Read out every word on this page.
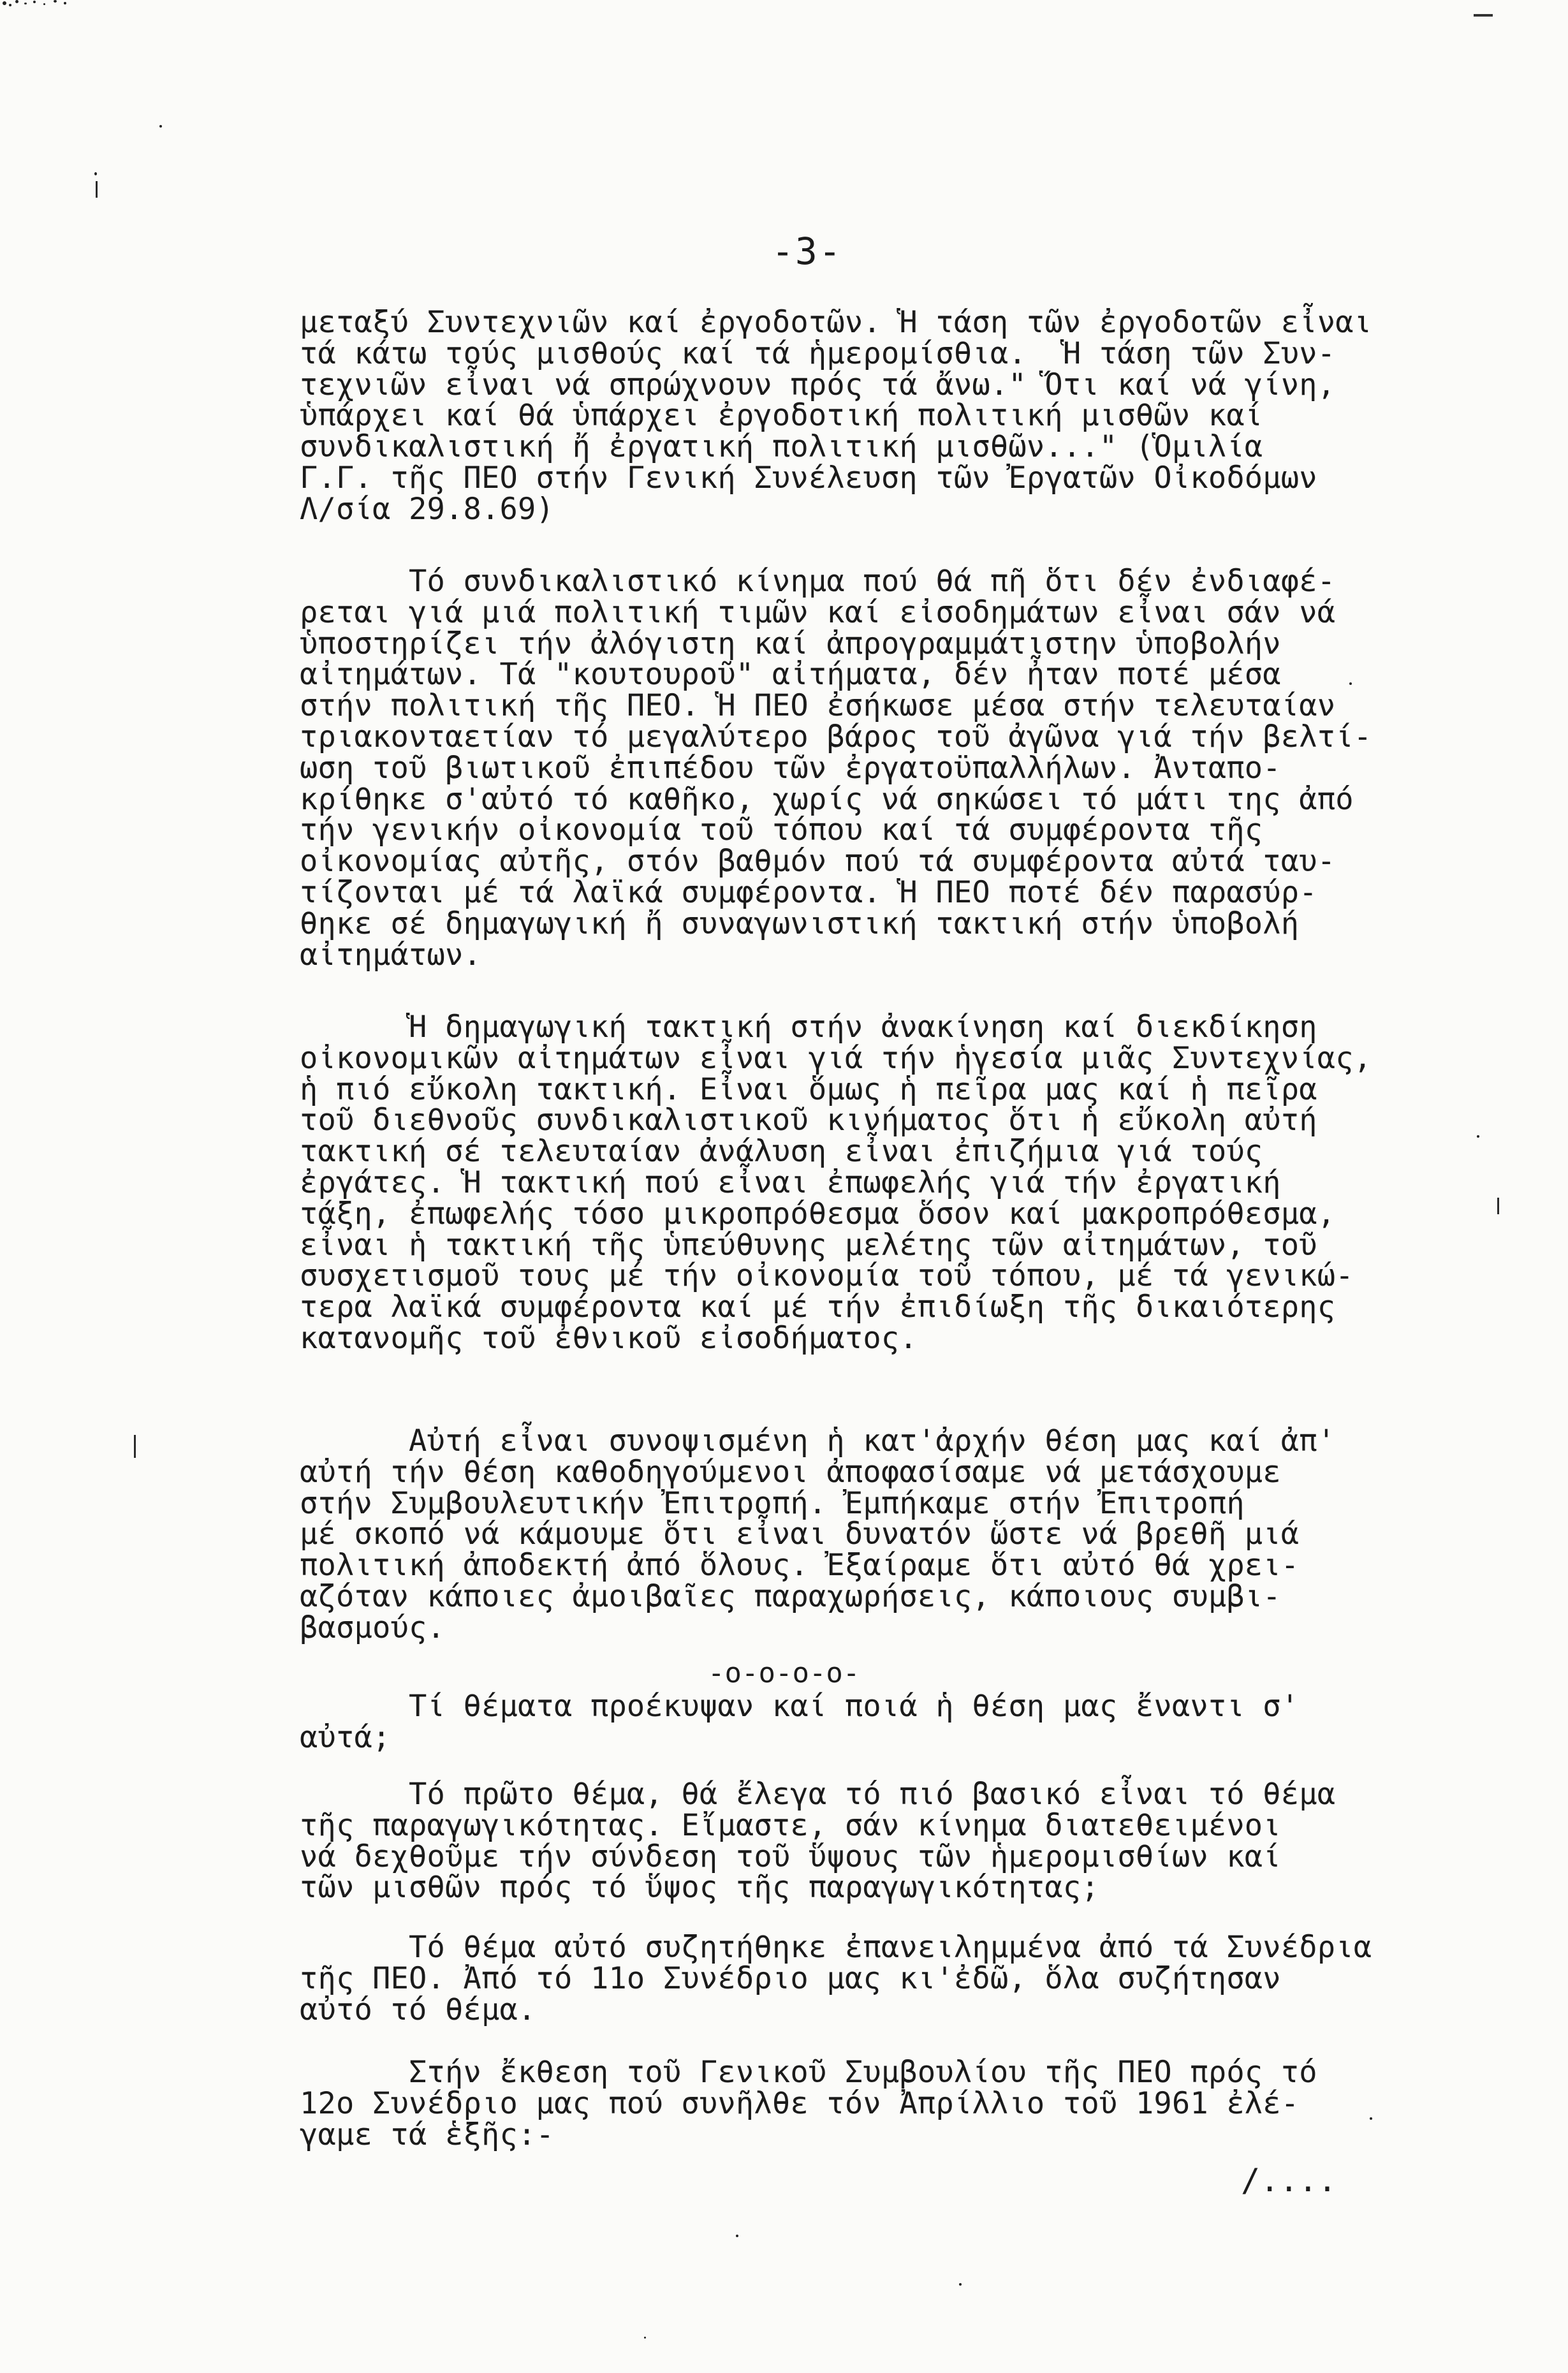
-3-
μεταξύ Συντεχνιῶν καί ἐργοδοτῶν. Ἡ τάση τῶν ἐργοδοτῶν εἶναι
τά κάτω τούς μισθούς καί τά ἡμερομίσθια.  Ἡ τάση τῶν Συν-
τεχνιῶν εἶναι νά σπρώχνουν πρός τά ἄνω." Ὅτι καί νά γίνη,
ὑπάρχει καί θά ὑπάρχει ἐργοδοτική πολιτική μισθῶν καί
συνδικαλιστική ἤ ἐργατική πολιτική μισθῶν..." (Ὁμιλία
Γ.Γ. τῆς ΠΕΟ στήν Γενική Συνέλευση τῶν Ἐργατῶν Οἰκοδόμων
Λ/σία 29.8.69)
Τό συνδικαλιστικό κίνημα πού θά πῆ ὅτι δέν ἐνδιαφέ-
ρεται γιά μιά πολιτική τιμῶν καί εἰσοδημάτων εἶναι σάν νά
ὑποστηρίζει τήν ἀλόγιστη καί ἀπρογραμμάτιστην ὑποβολήν
αἰτημάτων. Τά "κουτουροῦ" αἰτήματα, δέν ἦταν ποτέ μέσα
στήν πολιτική τῆς ΠΕΟ. Ἡ ΠΕΟ ἐσήκωσε μέσα στήν τελευταίαν
τριακονταετίαν τό μεγαλύτερο βάρος τοῦ ἀγῶνα γιά τήν βελτί-
ωση τοῦ βιωτικοῦ ἐπιπέδου τῶν ἐργατοϋπαλλήλων. Ἀνταπο-
κρίθηκε σ'αὐτό τό καθῆκο, χωρίς νά σηκώσει τό μάτι της ἀπό
τήν γενικήν οἰκονομία τοῦ τόπου καί τά συμφέροντα τῆς
οἰκονομίας αὐτῆς, στόν βαθμόν πού τά συμφέροντα αὐτά ταυ-
τίζονται μέ τά λαϊκά συμφέροντα. Ἡ ΠΕΟ ποτέ δέν παρασύρ-
θηκε σέ δημαγωγική ἤ συναγωνιστική τακτική στήν ὑποβολή
αἰτημάτων.
Ἡ δημαγωγική τακτική στήν ἀνακίνηση καί διεκδίκηση
οἰκονομικῶν αἰτημάτων εἶναι γιά τήν ἡγεσία μιᾶς Συντεχνίας,
ἡ πιό εὔκολη τακτική. Εἶναι ὅμως ἡ πεῖρα μας καί ἡ πεῖρα
τοῦ διεθνοῦς συνδικαλιστικοῦ κινήματος ὅτι ἡ εὔκολη αὐτή
τακτική σέ τελευταίαν ἀνάλυση εἶναι ἐπιζήμια γιά τούς
ἐργάτες. Ἡ τακτική πού εἶναι ἐπωφελής γιά τήν ἐργατική
τάξη, ἐπωφελής τόσο μικροπρόθεσμα ὅσον καί μακροπρόθεσμα,
εἶναι ἡ τακτική τῆς ὑπεύθυνης μελέτης τῶν αἰτημάτων, τοῦ
συσχετισμοῦ τους μέ τήν οἰκονομία τοῦ τόπου, μέ τά γενικώ-
τερα λαϊκά συμφέροντα καί μέ τήν ἐπιδίωξη τῆς δικαιότερης
κατανομῆς τοῦ ἐθνικοῦ εἰσοδήματος.
Αὐτή εἶναι συνοψισμένη ἡ κατ'ἀρχήν θέση μας καί ἀπ'
αὐτή τήν θέση καθοδηγούμενοι ἀποφασίσαμε νά μετάσχουμε
στήν Συμβουλευτικήν Ἐπιτροπή. Ἐμπήκαμε στήν Ἐπιτροπή
μέ σκοπό νά κάμουμε ὅτι εἶναι δυνατόν ὥστε νά βρεθῆ μιά
πολιτική ἀποδεκτή ἀπό ὅλους. Ἐξαίραμε ὅτι αὐτό θά χρει-
αζόταν κάποιες ἀμοιβαῖες παραχωρήσεις, κάποιους συμβι-
βασμούς.
-o-o-o-o-
Τί θέματα προέκυψαν καί ποιά ἡ θέση μας ἔναντι σ'
αὐτά;
Τό πρῶτο θέμα, θά ἔλεγα τό πιό βασικό εἶναι τό θέμα
τῆς παραγωγικότητας. Εἴμαστε, σάν κίνημα διατεθειμένοι
νά δεχθοῦμε τήν σύνδεση τοῦ ὕψους τῶν ἡμερομισθίων καί
τῶν μισθῶν πρός τό ὕψος τῆς παραγωγικότητας;
Τό θέμα αὐτό συζητήθηκε ἐπανειλημμένα ἀπό τά Συνέδρια
τῆς ΠΕΟ. Ἀπό τό 11ο Συνέδριο μας κι'ἐδῶ, ὅλα συζήτησαν
αὐτό τό θέμα.
Στήν ἔκθεση τοῦ Γενικοῦ Συμβουλίου τῆς ΠΕΟ πρός τό
12ο Συνέδριο μας πού συνῆλθε τόν Ἀπρίλλιο τοῦ 1961 ἐλέ-
γαμε τά ἑξῆς:-
/....
